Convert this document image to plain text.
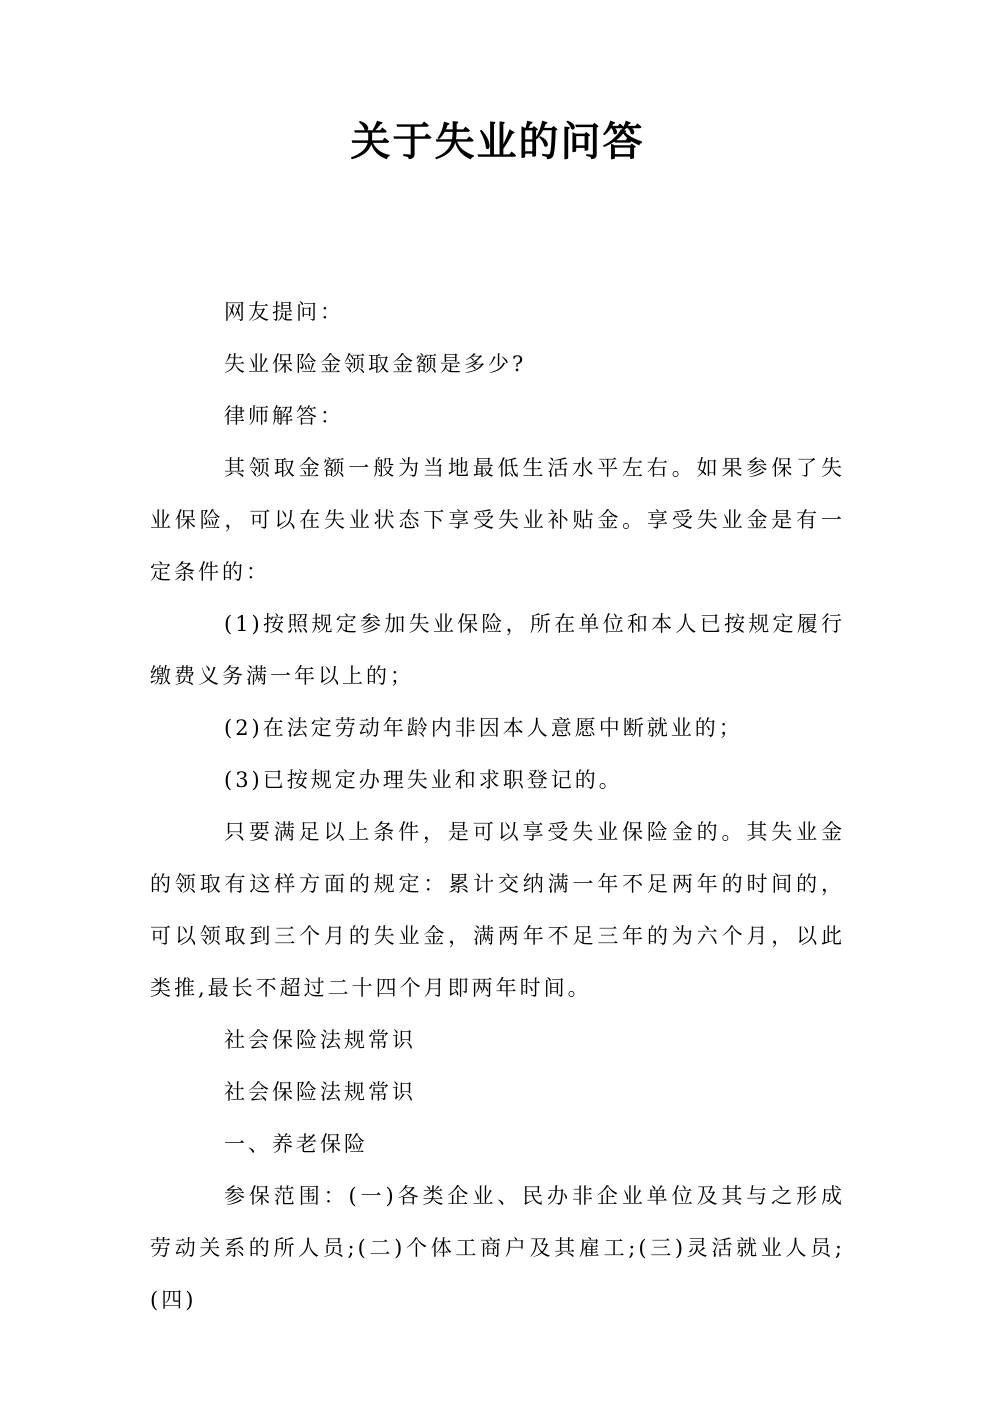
关于失业的问答

网友提问：

失业保险金领取金额是多少?

律师解答：

其领取金额一般为当地最低生活水平左右。如果参保了失业保险，可以在失业状态下享受失业补贴金。享受失业金是有一定条件的：

(1)按照规定参加失业保险，所在单位和本人已按规定履行缴费义务满一年以上的；

(2)在法定劳动年龄内非因本人意愿中断就业的；

(3)已按规定办理失业和求职登记的。

只要满足以上条件，是可以享受失业保险金的。其失业金的领取有这样方面的规定：累计交纳满一年不足两年的时间的，可以领取到三个月的失业金，满两年不足三年的为六个月，以此类推,最长不超过二十四个月即两年时间。

社会保险法规常识

社会保险法规常识

一、养老保险

参保范围：(一)各类企业、民办非企业单位及其与之形成劳动关系的所人员;(二)个体工商户及其雇工;(三)灵活就业人员;(四)
